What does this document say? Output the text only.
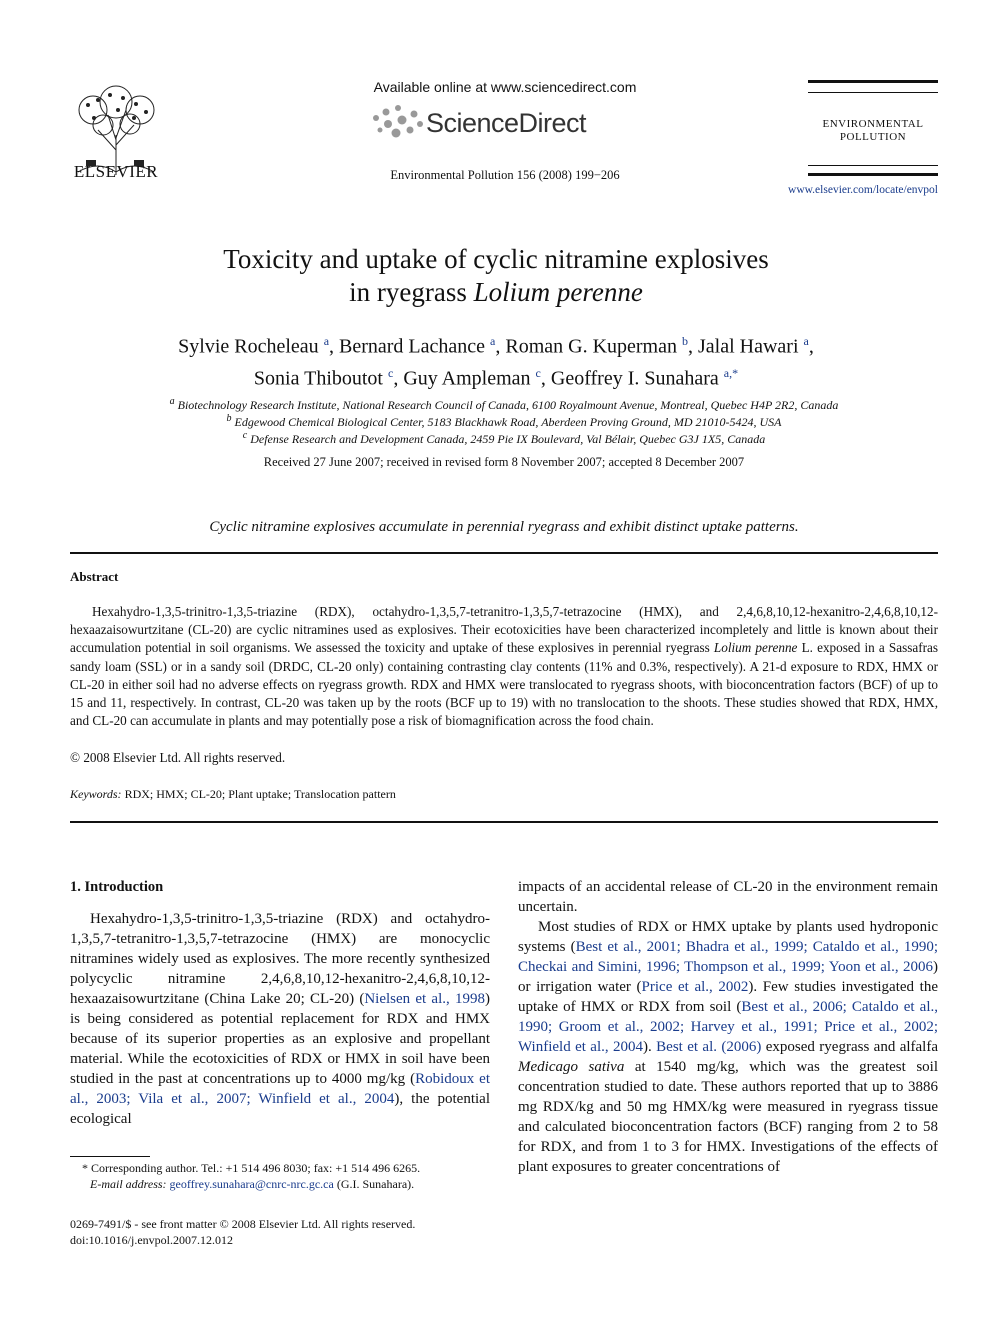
ELSEVIER
Available online at www.sciencedirect.com
ScienceDirect
Environmental Pollution 156 (2008) 199−206
ENVIRONMENTAL
POLLUTION
www.elsevier.com/locate/envpol
Toxicity and uptake of cyclic nitramine explosives
in ryegrass Lolium perenne
Sylvie Rocheleau $^a$, Bernard Lachance $^a$, Roman G. Kuperman $^b$, Jalal Hawari $^a$,
Sonia Thiboutot $^c$, Guy Ampleman $^c$, Geoffrey I. Sunahara $^{a,*}$
$^a$ Biotechnology Research Institute, National Research Council of Canada, 6100 Royalmount Avenue, Montreal, Quebec H4P 2R2, Canada
$^b$ Edgewood Chemical Biological Center, 5183 Blackhawk Road, Aberdeen Proving Ground, MD 21010-5424, USA
$^c$ Defense Research and Development Canada, 2459 Pie IX Boulevard, Val Bélair, Quebec G3J 1X5, Canada
Received 27 June 2007; received in revised form 8 November 2007; accepted 8 December 2007
Cyclic nitramine explosives accumulate in perennial ryegrass and exhibit distinct uptake patterns.
Abstract
Hexahydro-1,3,5-trinitro-1,3,5-triazine (RDX), octahydro-1,3,5,7-tetranitro-1,3,5,7-tetrazocine (HMX), and 2,4,6,8,10,12-hexanitro-2,4,6,8,10,12-hexaazaisowurtzitane (CL-20) are cyclic nitramines used as explosives. Their ecotoxicities have been characterized incompletely and little is known about their accumulation potential in soil organisms. We assessed the toxicity and uptake of these explosives in perennial ryegrass Lolium perenne L. exposed in a Sassafras sandy loam (SSL) or in a sandy soil (DRDC, CL-20 only) containing contrasting clay contents (11% and 0.3%, respectively). A 21-d exposure to RDX, HMX or CL-20 in either soil had no adverse effects on ryegrass growth. RDX and HMX were translocated to ryegrass shoots, with bioconcentration factors (BCF) of up to 15 and 11, respectively. In contrast, CL-20 was taken up by the roots (BCF up to 19) with no translocation to the shoots. These studies showed that RDX, HMX, and CL-20 can accumulate in plants and may potentially pose a risk of biomagnification across the food chain.
© 2008 Elsevier Ltd. All rights reserved.
Keywords: RDX; HMX; CL-20; Plant uptake; Translocation pattern
1. Introduction

Hexahydro-1,3,5-trinitro-1,3,5-triazine (RDX) and octahydro-1,3,5,7-tetranitro-1,3,5,7-tetrazocine (HMX) are monocyclic nitramines widely used as explosives. The more recently synthesized polycyclic nitramine 2,4,6,8,10,12-hexanitro-2,4,6,8,10,12-hexaazaisowurtzitane (China Lake 20; CL-20) (Nielsen et al., 1998) is being considered as potential replacement for RDX and HMX because of its superior properties as an explosive and propellant material. While the ecotoxicities of RDX or HMX in soil have been studied in the past at concentrations up to 4000 mg/kg (Robidoux et al., 2003; Vila et al., 2007; Winfield et al., 2004), the potential ecological

* Corresponding author. Tel.: +1 514 496 8030; fax: +1 514 496 6265.
E-mail address: geoffrey.sunahara@cnrc-nrc.gc.ca (G.I. Sunahara).
0269-7491/$ - see front matter © 2008 Elsevier Ltd. All rights reserved.
doi:10.1016/j.envpol.2007.12.012

impacts of an accidental release of CL-20 in the environment remain uncertain.

Most studies of RDX or HMX uptake by plants used hydroponic systems (Best et al., 2001; Bhadra et al., 1999; Cataldo et al., 1990; Checkai and Simini, 1996; Thompson et al., 1999; Yoon et al., 2006) or irrigation water (Price et al., 2002). Few studies investigated the uptake of HMX or RDX from soil (Best et al., 2006; Cataldo et al., 1990; Groom et al., 2002; Harvey et al., 1991; Price et al., 2002; Winfield et al., 2004). Best et al. (2006) exposed ryegrass and alfalfa Medicago sativa at 1540 mg/kg, which was the greatest soil concentration studied to date. These authors reported that up to 3886 mg RDX/kg and 50 mg HMX/kg were measured in ryegrass tissue and calculated bioconcentration factors (BCF) ranging from 2 to 58 for RDX, and from 1 to 3 for HMX. Investigations of the effects of plant exposures to greater concentrations of
